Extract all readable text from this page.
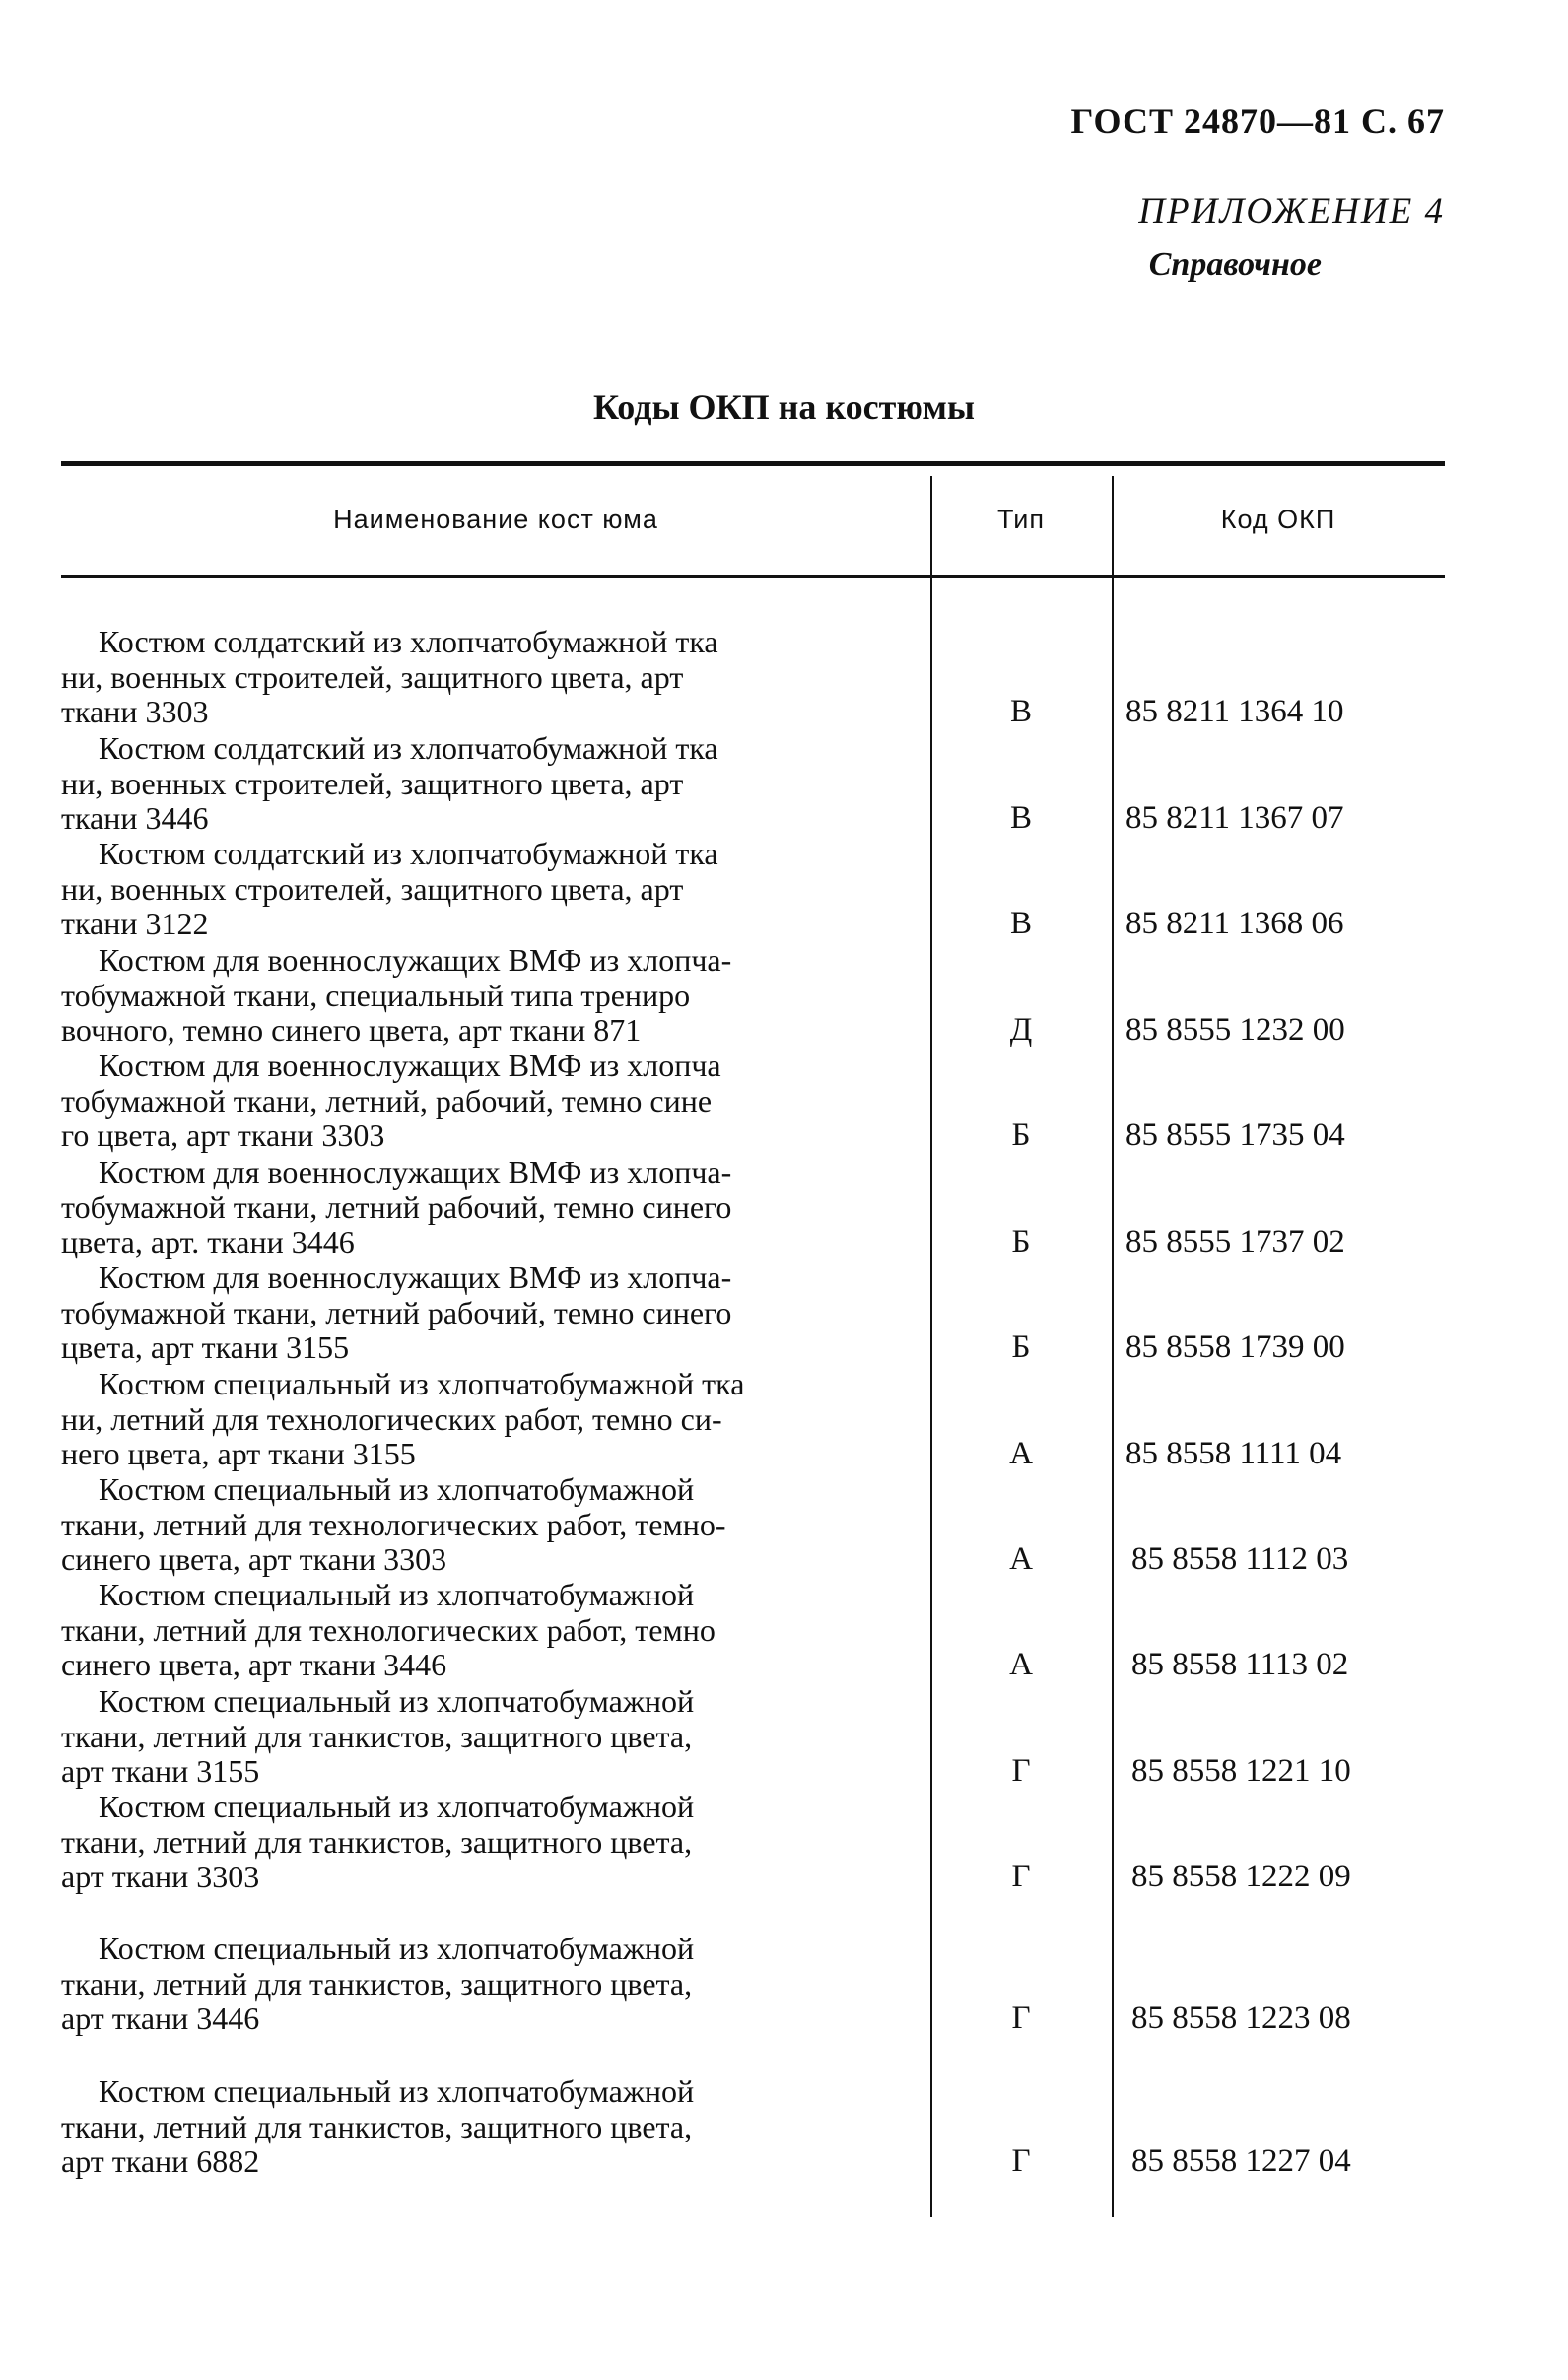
ГОСТ 24870—81 С. 67
ПРИЛОЖЕНИЕ 4
Справочное
Коды ОКП на костюмы
Наименование кост юма	Тип	Код ОКП
Костюм солдатский из хлопчатобумажной тка
ни, военных строителей, защитного цвета, арт
ткани 3303	В	85 8211 1364 10
Костюм солдатский из хлопчатобумажной тка
ни, военных строителей, защитного цвета, арт
ткани 3446	В	85 8211 1367 07
Костюм солдатский из хлопчатобумажной тка
ни, военных строителей, защитного цвета, арт
ткани 3122	В	85 8211 1368 06
Костюм для военнослужащих ВМФ из хлопча-
тобумажной ткани, специальный типа трениро
вочного, темно синего цвета, арт ткани 871	Д	85 8555 1232 00
Костюм для военнослужащих ВМФ из хлопча
тобумажной ткани, летний, рабочий, темно сине
го цвета, арт ткани 3303	Б	85 8555 1735 04
Костюм для военнослужащих ВМФ из хлопча-
тобумажной ткани, летний рабочий, темно синего
цвета, арт. ткани 3446	Б	85 8555 1737 02
Костюм для военнослужащих ВМФ из хлопча-
тобумажной ткани, летний рабочий, темно синего
цвета, арт ткани 3155	Б	85 8558 1739 00
Костюм специальный из хлопчатобумажной тка
ни, летний для технологических работ, темно си-
него цвета, арт ткани 3155	А	85 8558 1111 04
Костюм специальный из хлопчатобумажной
ткани, летний для технологических работ, темно-
синего цвета, арт ткани 3303	А	85 8558 1112 03
Костюм специальный из хлопчатобумажной
ткани, летний для технологических работ, темно
синего цвета, арт ткани 3446	А	85 8558 1113 02
Костюм специальный из хлопчатобумажной
ткани, летний для танкистов, защитного цвета,
арт ткани 3155	Г	85 8558 1221 10
Костюм специальный из хлопчатобумажной
ткани, летний для танкистов, защитного цвета,
арт ткани 3303	Г	85 8558 1222 09
Костюм специальный из хлопчатобумажной
ткани, летний для танкистов, защитного цвета,
арт ткани 3446	Г	85 8558 1223 08
Костюм специальный из хлопчатобумажной
ткани, летний для танкистов, защитного цвета,
арт ткани 6882	Г	85 8558 1227 04
